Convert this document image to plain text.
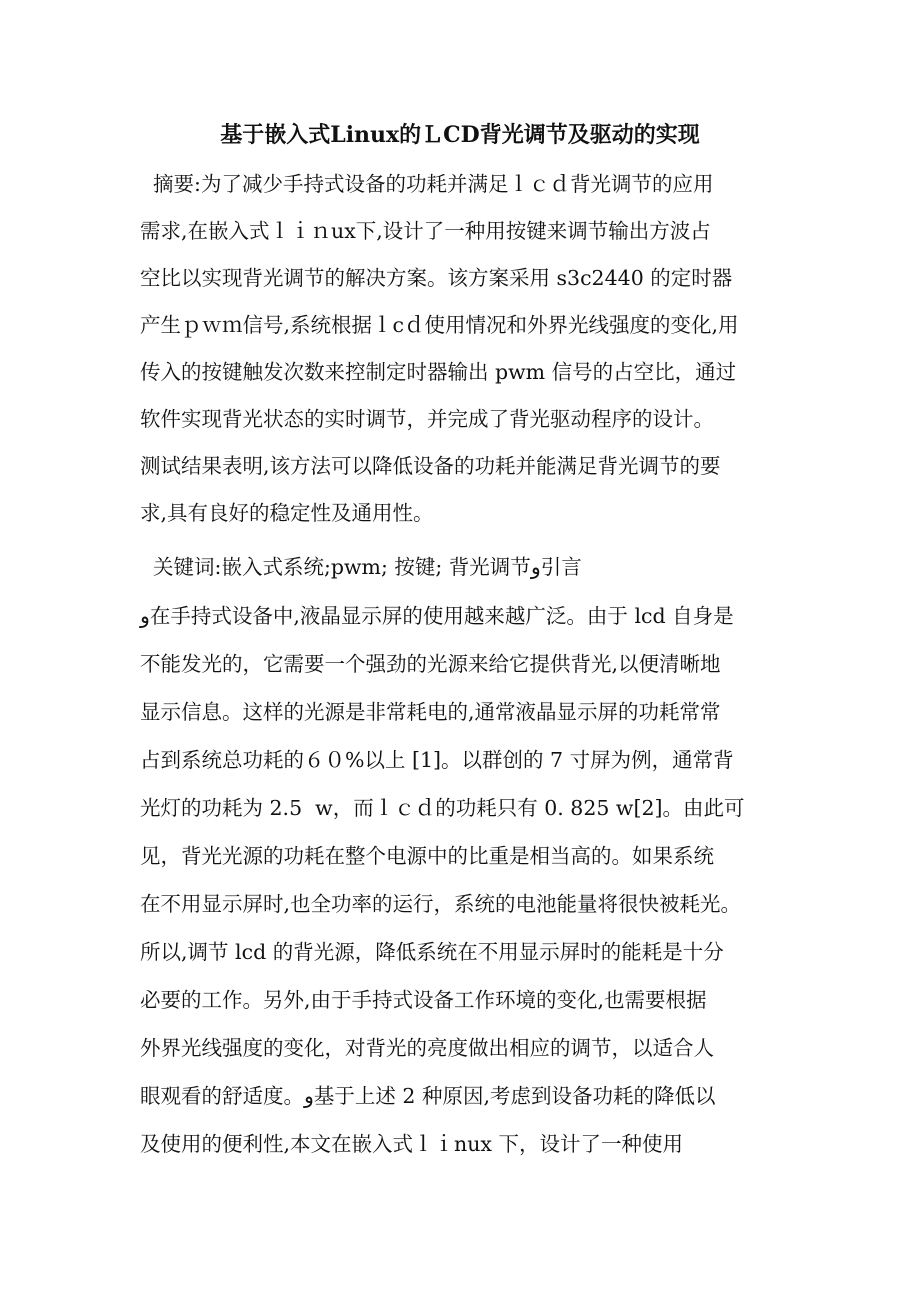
基于嵌入式Linux的ＬCD背光调节及驱动的实现

摘要:为了减少手持式设备的功耗并满足ｌｃｄ背光调节的应用

需求,在嵌入式ｌｉｎux下,设计了一种用按键来调节输出方波占

空比以实现背光调节的解决方案。该方案采用 s3c2440 的定时器

产生ｐｗｍ信号,系统根据ｌcｄ使用情况和外界光线强度的变化,用

传入的按键触发次数来控制定时器输出 pwm 信号的占空比，通过

软件实现背光状态的实时调节，并完成了背光驱动程序的设计。

测试结果表明,该方法可以降低设备的功耗并能满足背光调节的要

求,具有良好的稳定性及通用性。

关键词:嵌入式系统;pwm; 按键; 背光调节ﻭ引言

ﻭ在手持式设备中,液晶显示屏的使用越来越广泛。由于 lcd 自身是

不能发光的，它需要一个强劲的光源来给它提供背光,以便清晰地

显示信息。这样的光源是非常耗电的,通常液晶显示屏的功耗常常

占到系统总功耗的６０%以上 [1]。以群创的 7 寸屏为例，通常背

光灯的功耗为 2.5  w，而ｌｃｄ的功耗只有 0. 825 w[2]。由此可

见，背光光源的功耗在整个电源中的比重是相当高的。如果系统

在不用显示屏时,也全功率的运行，系统的电池能量将很快被耗光。

所以,调节 lcd 的背光源，降低系统在不用显示屏时的能耗是十分

必要的工作。另外,由于手持式设备工作环境的变化,也需要根据

外界光线强度的变化，对背光的亮度做出相应的调节，以适合人

眼观看的舒适度。ﻭ基于上述 2 种原因,考虑到设备功耗的降低以

及使用的便利性,本文在嵌入式ｌｉnux 下，设计了一种使用
